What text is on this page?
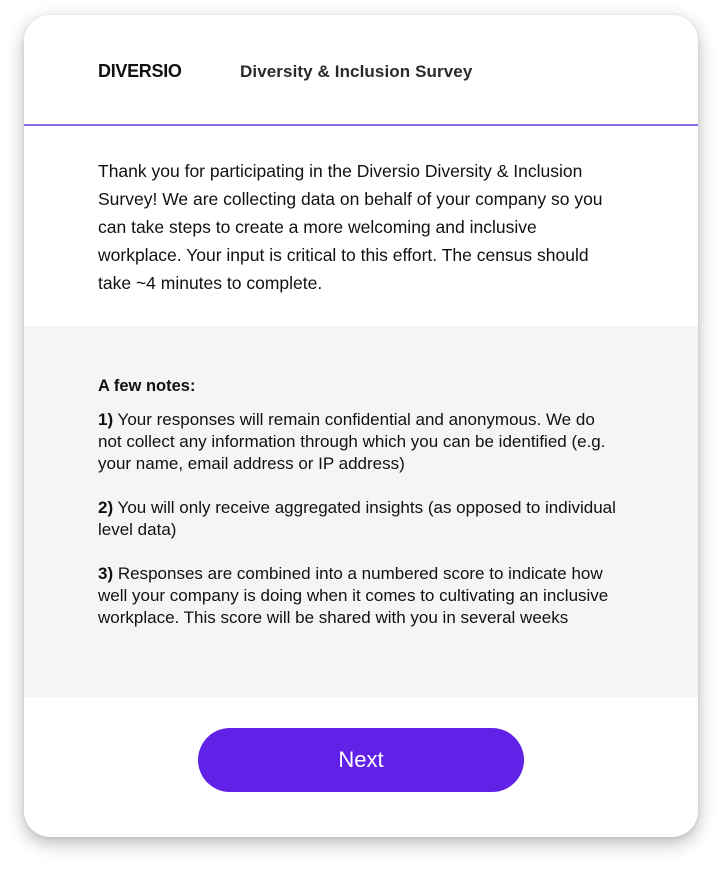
DIVERSIO	Diversity & Inclusion Survey

Thank you for participating in the Diversio Diversity & Inclusion Survey! We are collecting data on behalf of your company so you can take steps to create a more welcoming and inclusive workplace. Your input is critical to this effort. The census should take ~4 minutes to complete.

A few notes:

1) Your responses will remain confidential and anonymous. We do not collect any information through which you can be identified (e.g. your name, email address or IP address)

2) You will only receive aggregated insights (as opposed to individual level data)

3) Responses are combined into a numbered score to indicate how well your company is doing when it comes to cultivating an inclusive workplace. This score will be shared with you in several weeks

Next
